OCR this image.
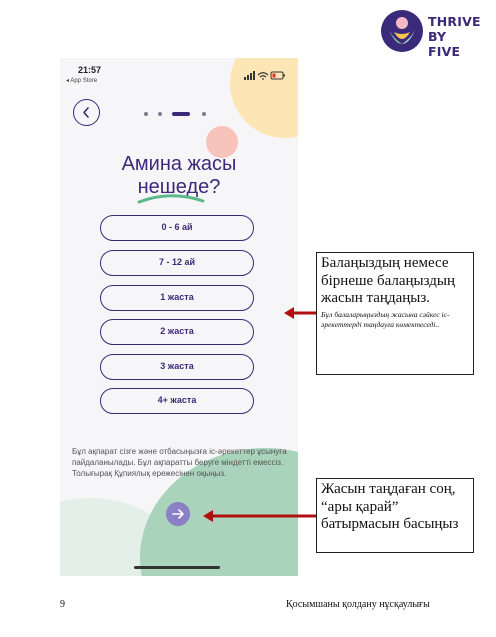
THRIVE
BY FIVE
21:57
◂ App Store
Амина жасы
нешеде?
0 - 6 ай
7 - 12 ай
1 жаста
2 жаста
3 жаста
4+ жаста
Бұл ақпарат сізге және отбасыңызға іс-әрекеттер ұсынуға пайдаланылады. Бұл ақпаратты беруге міндетті емессіз. Толығырақ Құпиялық ережесінен оқыңыз.
Балаңыздың немесе бірнеше балаңыздың жасын таңдаңыз.
Бұл балаларыңыздың жасына сәйкес іс-әрекеттерді таңдауға көмектеседі..
Жасын таңдаған соң, “ары қарай” батырмасын басыңыз
9	Қосымшаны қолдану нұсқаулығы
